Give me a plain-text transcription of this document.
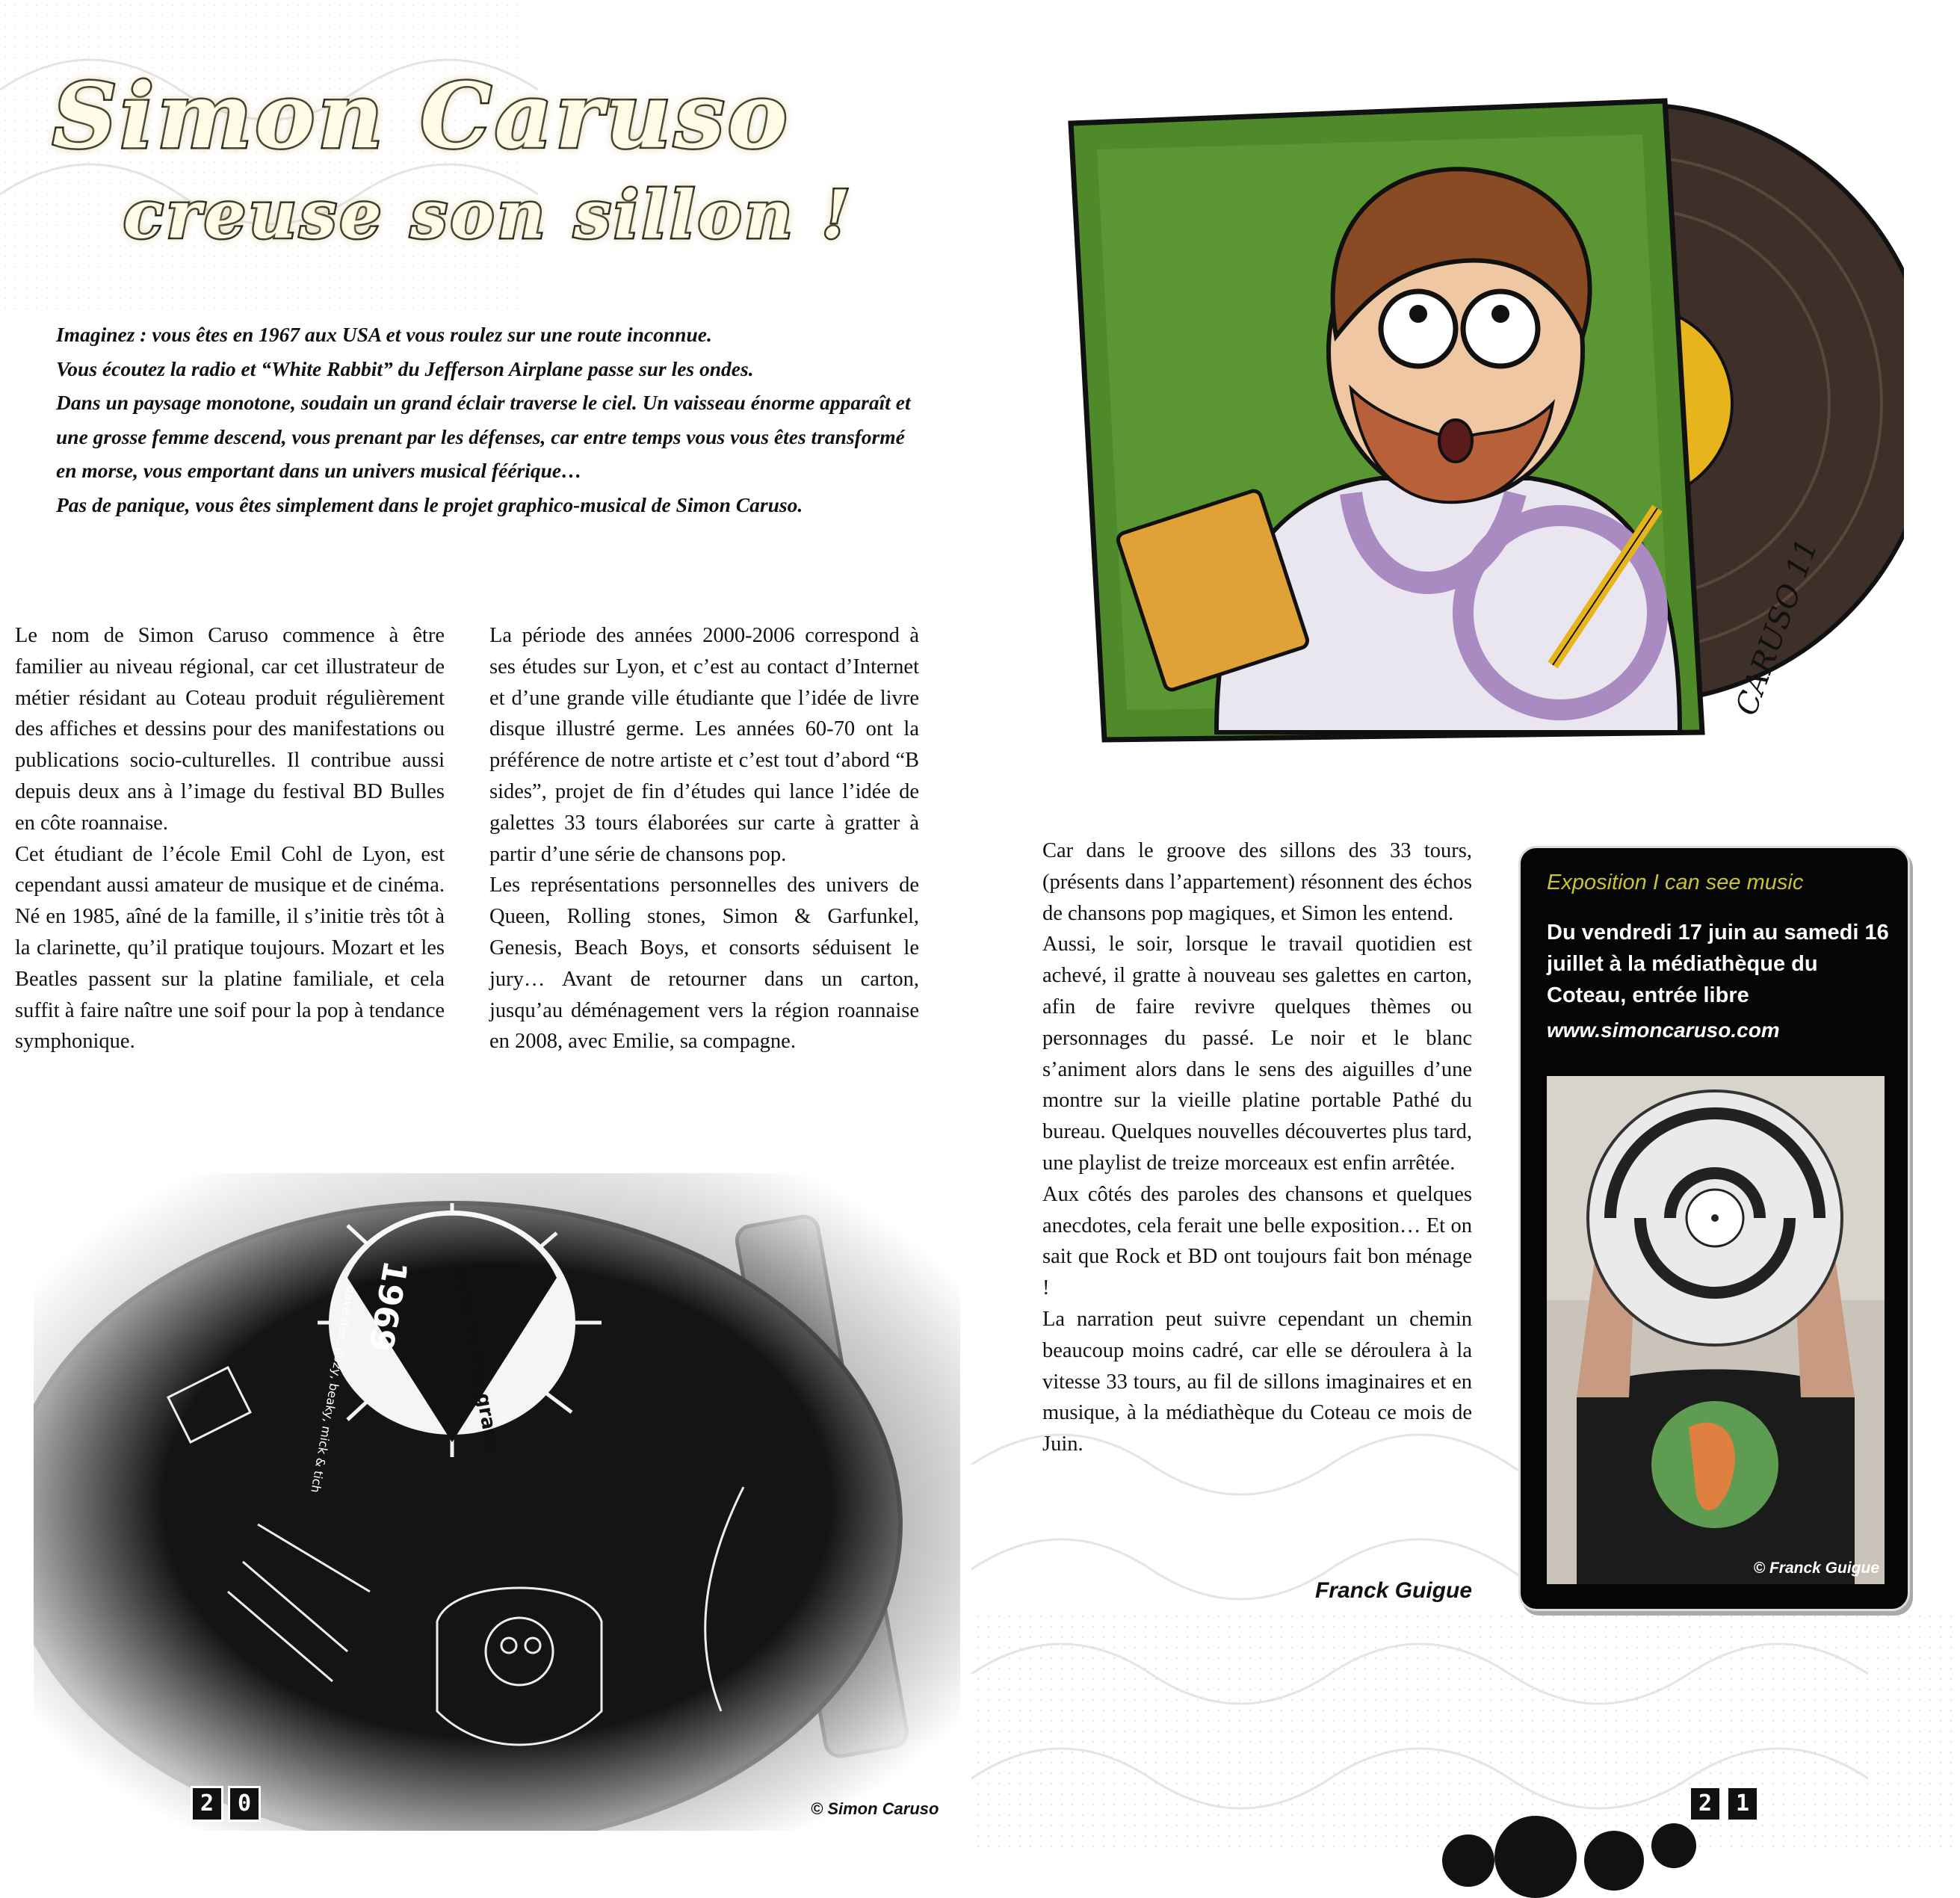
Simon Caruso
creuse son sillon !

Imaginez : vous êtes en 1967 aux USA et vous roulez sur une route inconnue.

Vous écoutez la radio et “White Rabbit” du Jefferson Airplane passe sur les ondes.

Dans un paysage monotone, soudain un grand éclair traverse le ciel. Un vaisseau énorme apparaît et une grosse femme descend, vous prenant par les défenses, car entre temps vous vous êtes transformé en morse, vous emportant dans un univers musical féérique…

Pas de panique, vous êtes simplement dans le projet graphico-musical de Simon Caruso.

Le nom de Simon Caruso commence à être familier au niveau régional, car cet illustrateur de métier résidant au Coteau produit régulièrement des affiches et dessins pour des manifestations ou publications socio-culturelles. Il contribue aussi depuis deux ans à l’image du festival BD Bulles en côte roannaise.

Cet étudiant de l’école Emil Cohl de Lyon, est cependant aussi amateur de musique et de cinéma. Né en 1985, aîné de la famille, il s’initie très tôt à la clarinette, qu’il pratique toujours. Mozart et les Beatles passent sur la platine familiale, et cela suffit à faire naître une soif pour la pop à tendance symphonique.

La période des années 2000-2006 correspond à ses études sur Lyon, et c’est au contact d’Internet et d’une grande ville étudiante que l’idée de livre disque illustré germe. Les années 60-70 ont la préférence de notre artiste et c’est tout d’abord “B sides”, projet de fin d’études qui lance l’idée de galettes 33 tours élaborées sur carte à gratter à partir d’une série de chansons pop.

Les représentations personnelles des univers de Queen, Rolling stones, Simon & Garfunkel, Genesis, Beach Boys, et consorts séduisent le jury… Avant de retourner dans un carton, jusqu’au déménagement vers la région roannaise en 2008, avec Emilie, sa compagne.

Car dans le groove des sillons des 33 tours, (présents dans l’appartement) résonnent des échos de chansons pop magiques, et Simon les entend.

Aussi, le soir, lorsque le travail quotidien est achevé, il gratte à nouveau ses galettes en carton, afin de faire revivre quelques thèmes ou personnages du passé. Le noir et le blanc s’animent alors dans le sens des aiguilles d’une montre sur la vieille platine portable Pathé du bureau. Quelques nouvelles découvertes plus tard, une playlist de treize morceaux est enfin arrêtée.

Aux côtés des paroles des chansons et quelques anecdotes, cela ferait une belle exposition… Et on sait que Rock et BD ont toujours fait bon ménage !

La narration peut suivre cependant un chemin beaucoup moins cadré, car elle se déroulera à la vitesse 33 tours, au fil de sillons imaginaires et en musique, à la médiathèque du Coteau ce mois de Juin.

Franck Guigue
CARUSO 11
© Simon Caruso
Exposition I can see music
Du vendredi 17 juin au samedi 16 juillet à la médiathèque du Coteau, entrée libre
www.simoncaruso.com
© Franck Guigue
2	0	2	1
